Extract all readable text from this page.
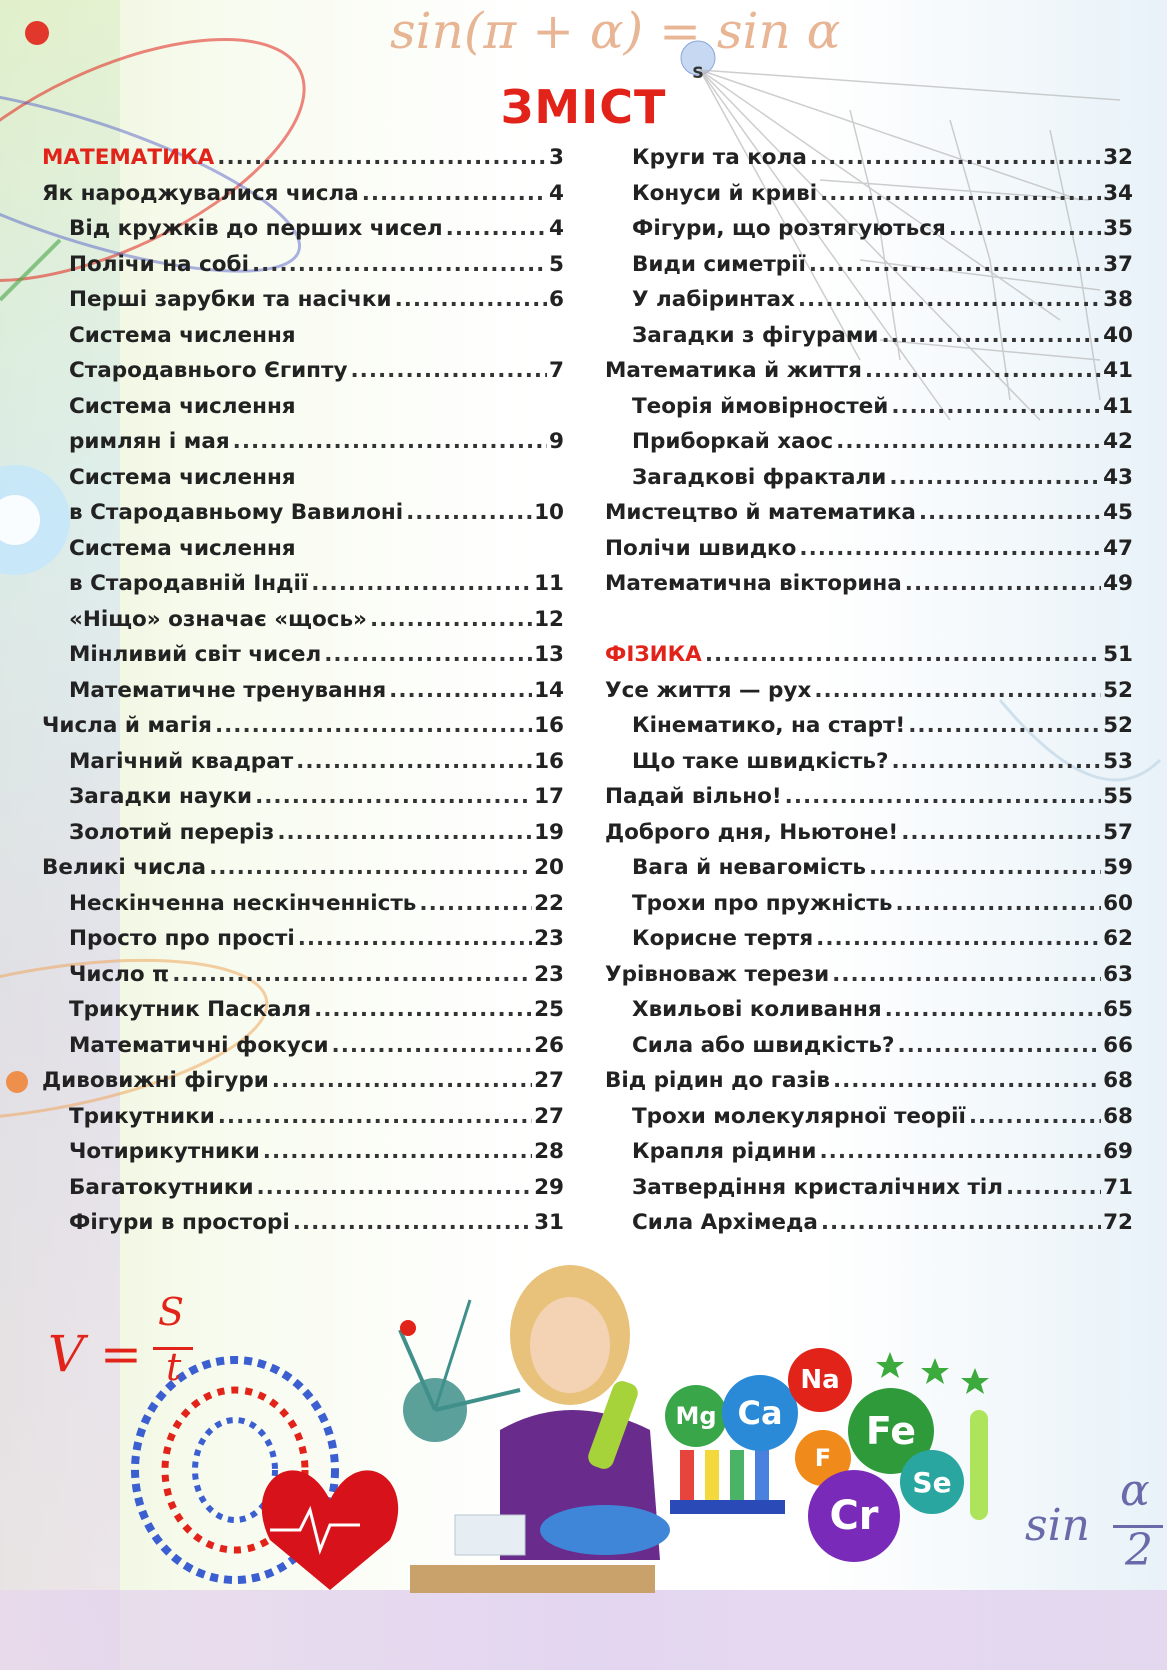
sin(π + α) = sin α
S
ЗМІСТ
МАТЕМАТИКА .....	3
Як народжувалися числа .....	4
Від кружків до перших чисел .....	4
Полічи на собі .....	5
Перші зарубки та насічки .....	6
Система числення
Стародавнього Єгипту .....	7
Система числення
римлян і мая .....	9
Система числення
в Стародавньому Вавилоні .....	10
Система числення
в Стародавній Індії .....	11
«Ніщо» означає «щось» .....	12
Мінливий світ чисел .....	13
Математичне тренування .....	14
Числа й магія .....	16
Магічний квадрат .....	16
Загадки науки .....	17
Золотий переріз .....	19
Великі числа .....	20
Нескінченна нескінченність .....	22
Просто про прості .....	23
Число π .....	23
Трикутник Паскаля .....	25
Математичні фокуси .....	26
Дивовижні фігури .....	27
Трикутники .....	27
Чотирикутники .....	28
Багатокутники .....	29
Фігури в просторі .....	31
Круги та кола .....	32
Конуси й криві .....	34
Фігури, що розтягуються .....	35
Види симетрії .....	37
У лабіринтах .....	38
Загадки з фігурами .....	40
Математика й життя .....	41
Теорія ймовірностей .....	41
Приборкай хаос .....	42
Загадкові фрактали .....	43
Мистецтво й математика .....	45
Полічи швидко .....	47
Математична вікторина .....	49
ФІЗИКА .....	51
Усе життя — рух .....	52
Кінематико, на старт! .....	52
Що таке швидкість? .....	53
Падай вільно! .....	55
Доброго дня, Ньютоне! .....	57
Вага й невагомість .....	59
Трохи про пружність .....	60
Корисне тертя .....	62
Урівноваж терези .....	63
Хвильові коливання .....	65
Сила або швидкість? .....	66
Від рідин до газів .....	68
Трохи молекулярної теорії .....	68
Крапля рідини .....	69
Затвердіння кристалічних тіл .....	71
Сила Архімеда .....	72
V =
S
t
sin
α
2
Mg Ca
Na
Fe
F
Cr
Se
